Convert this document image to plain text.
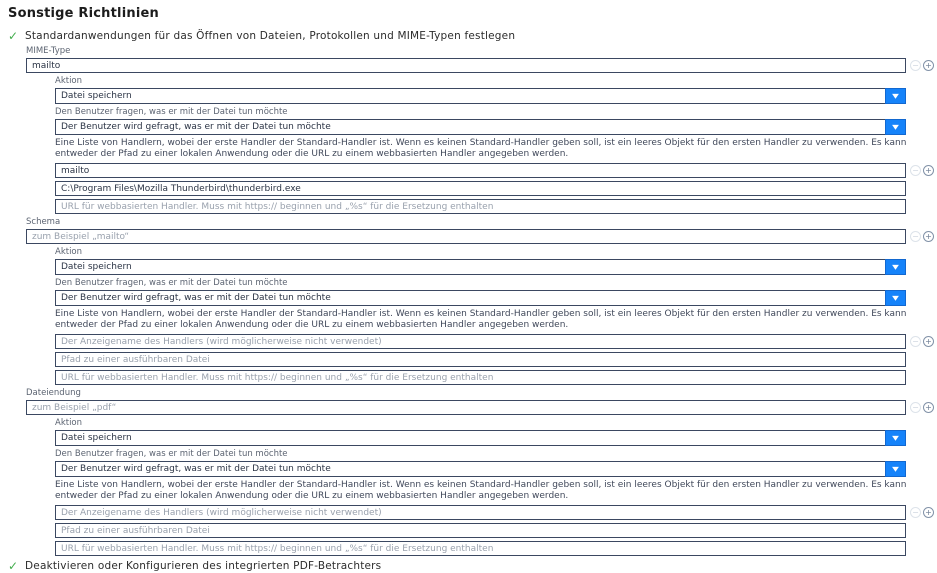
Sonstige Richtlinien
✓ Standardanwendungen für das Öffnen von Dateien, Protokollen und MIME-Typen festlegen
MIME-Type
mailto
− +
Aktion
Datei speichern	▼
Den Benutzer fragen, was er mit der Datei tun möchte
Der Benutzer wird gefragt, was er mit der Datei tun möchte	▼
Eine Liste von Handlern, wobei der erste Handler der Standard-Handler ist. Wenn es keinen Standard-Handler geben soll, ist ein leeres Objekt für den ersten Handler zu verwenden. Es kann entweder der Pfad zu einer lokalen Anwendung oder die URL zu einem webbasierten Handler angegeben werden.
mailto
− +
C:\Program Files\Mozilla Thunderbird\thunderbird.exe
URL für webbasierten Handler. Muss mit https:// beginnen und „%s“ für die Ersetzung enthalten
Schema
zum Beispiel „mailto“
− +
Aktion
Datei speichern	▼
Den Benutzer fragen, was er mit der Datei tun möchte
Der Benutzer wird gefragt, was er mit der Datei tun möchte	▼
Eine Liste von Handlern, wobei der erste Handler der Standard-Handler ist. Wenn es keinen Standard-Handler geben soll, ist ein leeres Objekt für den ersten Handler zu verwenden. Es kann entweder der Pfad zu einer lokalen Anwendung oder die URL zu einem webbasierten Handler angegeben werden.
Der Anzeigename des Handlers (wird möglicherweise nicht verwendet)
− +
Pfad zu einer ausführbaren Datei
URL für webbasierten Handler. Muss mit https:// beginnen und „%s“ für die Ersetzung enthalten
Dateiendung
zum Beispiel „pdf“
− +
Aktion
Datei speichern	▼
Den Benutzer fragen, was er mit der Datei tun möchte
Der Benutzer wird gefragt, was er mit der Datei tun möchte	▼
Eine Liste von Handlern, wobei der erste Handler der Standard-Handler ist. Wenn es keinen Standard-Handler geben soll, ist ein leeres Objekt für den ersten Handler zu verwenden. Es kann entweder der Pfad zu einer lokalen Anwendung oder die URL zu einem webbasierten Handler angegeben werden.
Der Anzeigename des Handlers (wird möglicherweise nicht verwendet)
− +
Pfad zu einer ausführbaren Datei
URL für webbasierten Handler. Muss mit https:// beginnen und „%s“ für die Ersetzung enthalten
✓ Deaktivieren oder Konfigurieren des integrierten PDF-Betrachters
